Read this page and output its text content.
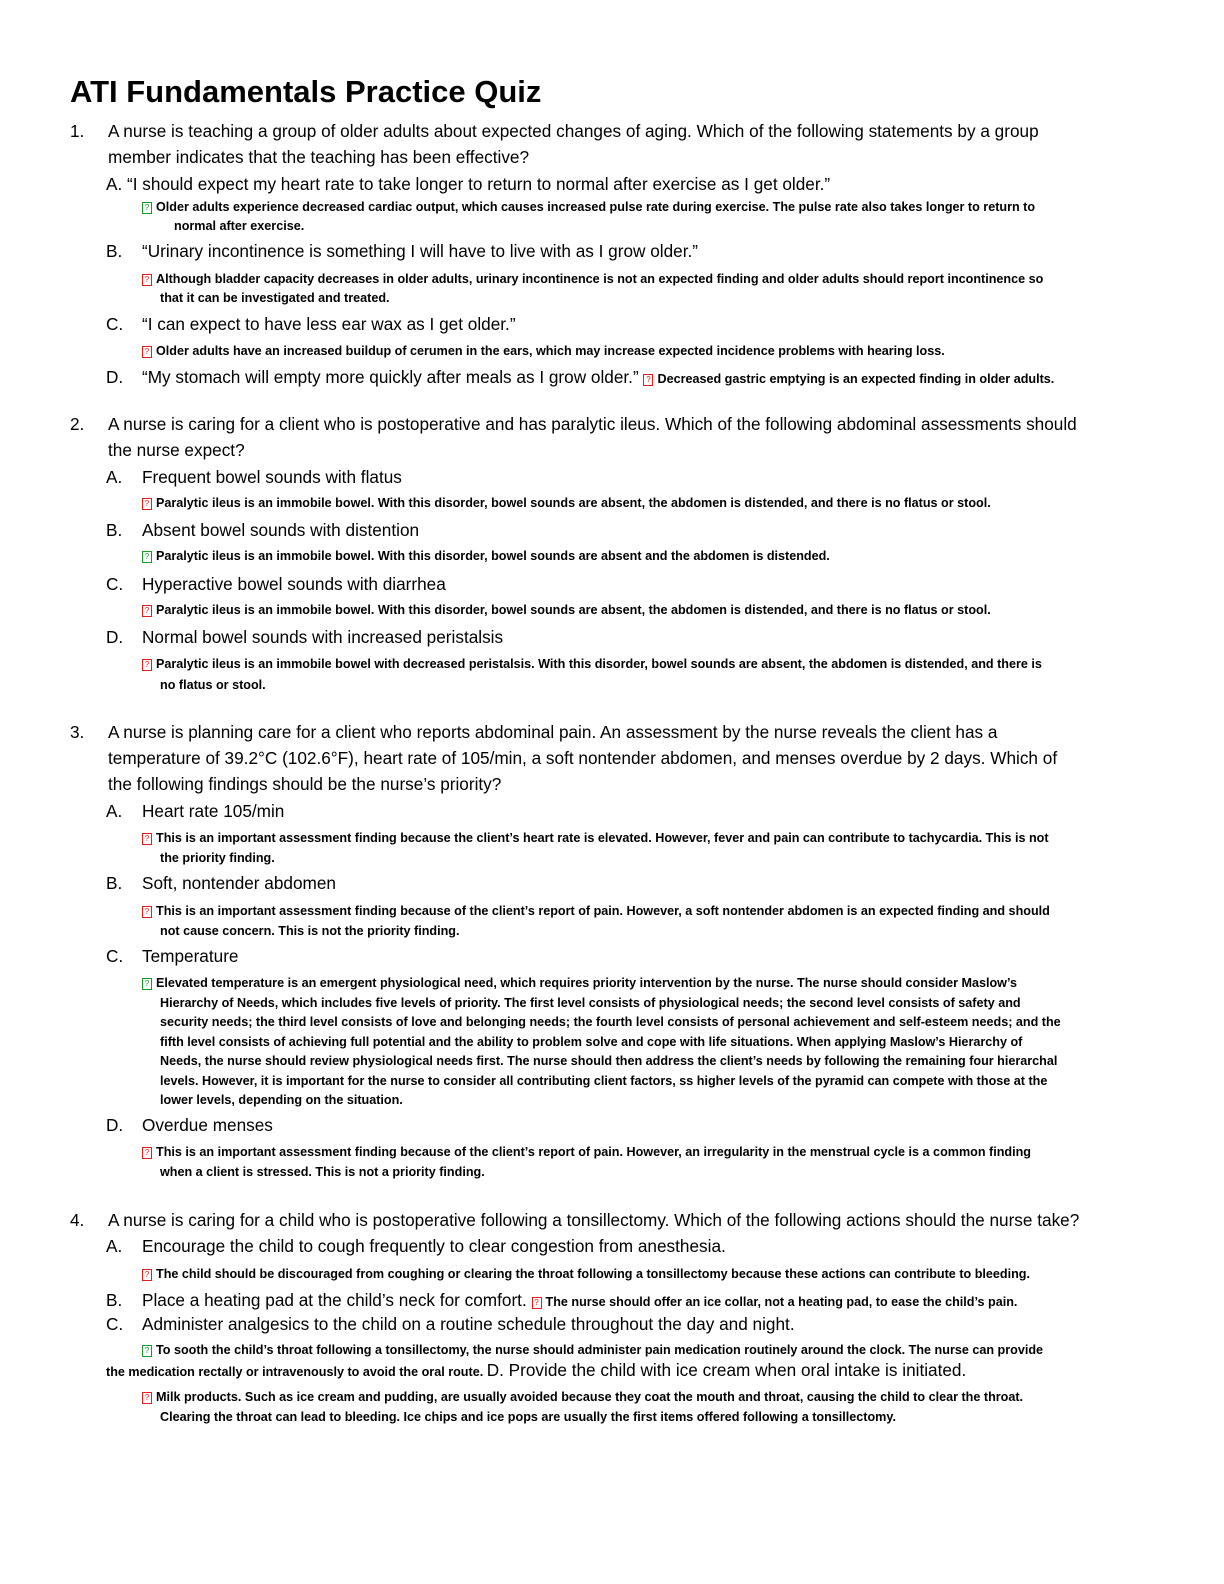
ATI Fundamentals Practice Quiz
1. A nurse is teaching a group of older adults about expected changes of aging. Which of the following statements by a group
member indicates that the teaching has been effective?
A. “I should expect my heart rate to take longer to return to normal after exercise as I get older.”
? Older adults experience decreased cardiac output, which causes increased pulse rate during exercise. The pulse rate also takes longer to return to
normal after exercise.
B. “Urinary incontinence is something I will have to live with as I grow older.”
? Although bladder capacity decreases in older adults, urinary incontinence is not an expected finding and older adults should report incontinence so
that it can be investigated and treated.
C. “I can expect to have less ear wax as I get older.”
? Older adults have an increased buildup of cerumen in the ears, which may increase expected incidence problems with hearing loss.
D. “My stomach will empty more quickly after meals as I grow older.” ? Decreased gastric emptying is an expected finding in older adults.
2. A nurse is caring for a client who is postoperative and has paralytic ileus. Which of the following abdominal assessments should
the nurse expect?
A. Frequent bowel sounds with flatus
? Paralytic ileus is an immobile bowel. With this disorder, bowel sounds are absent, the abdomen is distended, and there is no flatus or stool.
B. Absent bowel sounds with distention
? Paralytic ileus is an immobile bowel. With this disorder, bowel sounds are absent and the abdomen is distended.
C. Hyperactive bowel sounds with diarrhea
? Paralytic ileus is an immobile bowel. With this disorder, bowel sounds are absent, the abdomen is distended, and there is no flatus or stool.
D. Normal bowel sounds with increased peristalsis
? Paralytic ileus is an immobile bowel with decreased peristalsis. With this disorder, bowel sounds are absent, the abdomen is distended, and there is
no flatus or stool.
3. A nurse is planning care for a client who reports abdominal pain. An assessment by the nurse reveals the client has a
temperature of 39.2°C (102.6°F), heart rate of 105/min, a soft nontender abdomen, and menses overdue by 2 days. Which of
the following findings should be the nurse’s priority?
A. Heart rate 105/min
? This is an important assessment finding because the client’s heart rate is elevated. However, fever and pain can contribute to tachycardia. This is not
the priority finding.
B. Soft, nontender abdomen
? This is an important assessment finding because of the client’s report of pain. However, a soft nontender abdomen is an expected finding and should
not cause concern. This is not the priority finding.
C. Temperature
? Elevated temperature is an emergent physiological need, which requires priority intervention by the nurse. The nurse should consider Maslow’s
Hierarchy of Needs, which includes five levels of priority. The first level consists of physiological needs; the second level consists of safety and
security needs; the third level consists of love and belonging needs; the fourth level consists of personal achievement and self-esteem needs; and the
fifth level consists of achieving full potential and the ability to problem solve and cope with life situations. When applying Maslow’s Hierarchy of
Needs, the nurse should review physiological needs first. The nurse should then address the client’s needs by following the remaining four hierarchal
levels. However, it is important for the nurse to consider all contributing client factors, ss higher levels of the pyramid can compete with those at the
lower levels, depending on the situation.
D. Overdue menses
? This is an important assessment finding because of the client’s report of pain. However, an irregularity in the menstrual cycle is a common finding
when a client is stressed. This is not a priority finding.
4. A nurse is caring for a child who is postoperative following a tonsillectomy. Which of the following actions should the nurse take?
A. Encourage the child to cough frequently to clear congestion from anesthesia.
? The child should be discouraged from coughing or clearing the throat following a tonsillectomy because these actions can contribute to bleeding.
B. Place a heating pad at the child’s neck for comfort. ? The nurse should offer an ice collar, not a heating pad, to ease the child’s pain.
C. Administer analgesics to the child on a routine schedule throughout the day and night.
? To sooth the child’s throat following a tonsillectomy, the nurse should administer pain medication routinely around the clock. The nurse can provide
the medication rectally or intravenously to avoid the oral route. D. Provide the child with ice cream when oral intake is initiated.
? Milk products. Such as ice cream and pudding, are usually avoided because they coat the mouth and throat, causing the child to clear the throat.
Clearing the throat can lead to bleeding. Ice chips and ice pops are usually the first items offered following a tonsillectomy.
